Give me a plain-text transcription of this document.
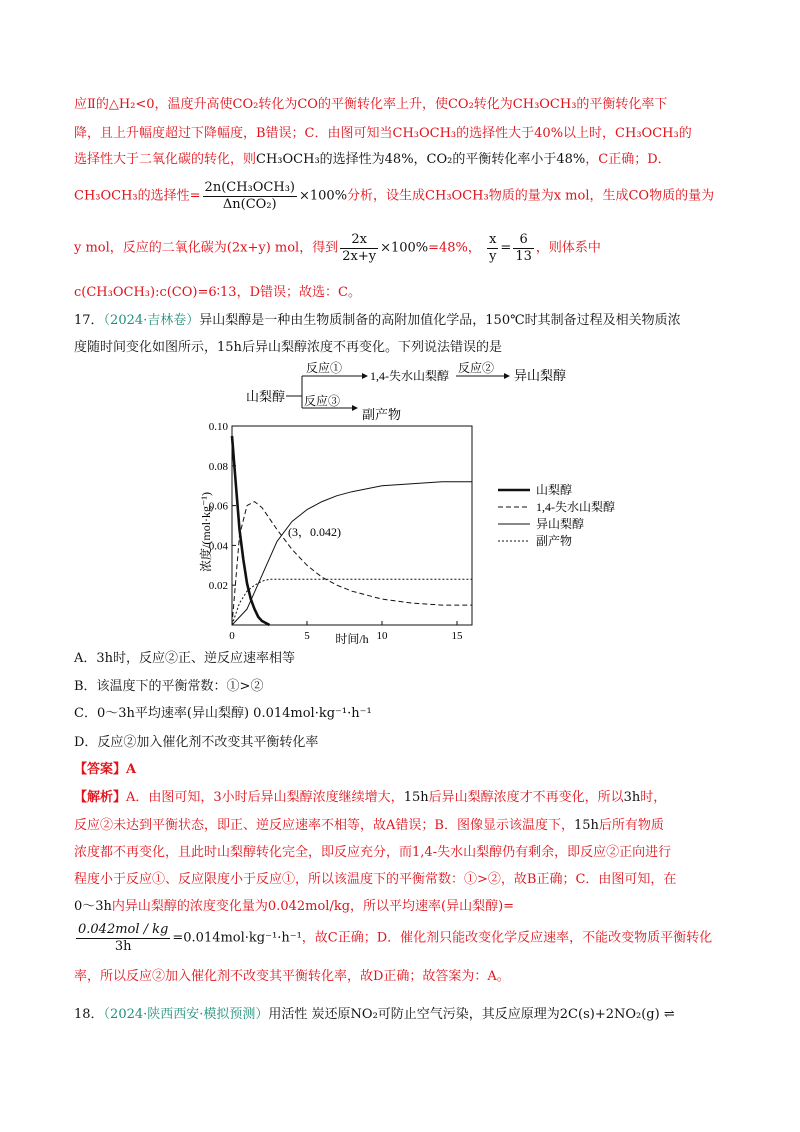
应Ⅱ的△H₂<0，温度升高使CO₂转化为CO的平衡转化率上升，使CO₂转化为CH₃OCH₃的平衡转化率下
降，且上升幅度超过下降幅度，B错误；C．由图可知当CH₃OCH₃的选择性大于40%以上时，CH₃OCH₃的
选择性大于二氧化碳的转化，则CH₃OCH₃的选择性为48%，CO₂的平衡转化率小于48%，C正确；D．
CH₃OCH₃的选择性= $\frac{\text{2n(CH₃OCH₃)}}{\text{Δn(CO₂)}} \times 100\%$分析，设生成CH₃OCH₃物质的量为x mol，生成CO物质的量为
y mol，反应的二氧化碳为(2x+y) mol，得到 $\frac{2x}{2x+y} \times 100\%=48\%$， $\frac{x}{y} = \frac{6}{13}$ ，则体系中
c(CH₃OCH₃):c(CO)=6∶13，D错误；故选：C。
17．（2024·吉林卷）异山梨醇是一种由生物质制备的高附加值化学品，150℃时其制备过程及相关物质浓
度随时间变化如图所示，15h后异山梨醇浓度不再变化。下列说法错误的是
山梨醇
反应①
反应③
1,4-失水山梨醇
反应② 异山梨醇
副产物
0	5	10	15
0.02
0.04
0.06
0.08
0.10
浓度/(mol·kg⁻¹)
时间/h
(3，0.042)
山梨醇
1,4-失水山梨醇
异山梨醇
副产物
A．3h时，反应②正、逆反应速率相等
B．该温度下的平衡常数：①>②
C．0～3h平均速率(异山梨醇) 0.014mol·kg⁻¹·h⁻¹
D．反应②加入催化剂不改变其平衡转化率
【答案】A
【解析】A．由图可知，3小时后异山梨醇浓度继续增大，15h后异山梨醇浓度才不再变化，所以3h时，
反应②未达到平衡状态，即正、逆反应速率不相等，故A错误；B．图像显示该温度下，15h后所有物质
浓度都不再变化，且此时山梨醇转化完全，即反应充分，而1,4-失水山梨醇仍有剩余，即反应②正向进行
程度小于反应①、反应限度小于反应①，所以该温度下的平衡常数：①>②，故B正确；C．由图可知，在
0～3h内异山梨醇的浓度变化量为0.042mol/kg，所以平均速率(异山梨醇)=
$\frac{\text{0.042mol / kg}}{3h} =0.014mol\cdot kg^{-1}\cdot h^{-1}$，故C正确；D．催化剂只能改变化学反应速率，不能改变物质平衡转化
率，所以反应②加入催化剂不改变其平衡转化率，故D正确；故答案为：A。
18．（2024·陕西西安·模拟预测）用活性 炭还原NO₂可防止空气污染，其反应原理为2C(s)+2NO₂(g) ⇌
